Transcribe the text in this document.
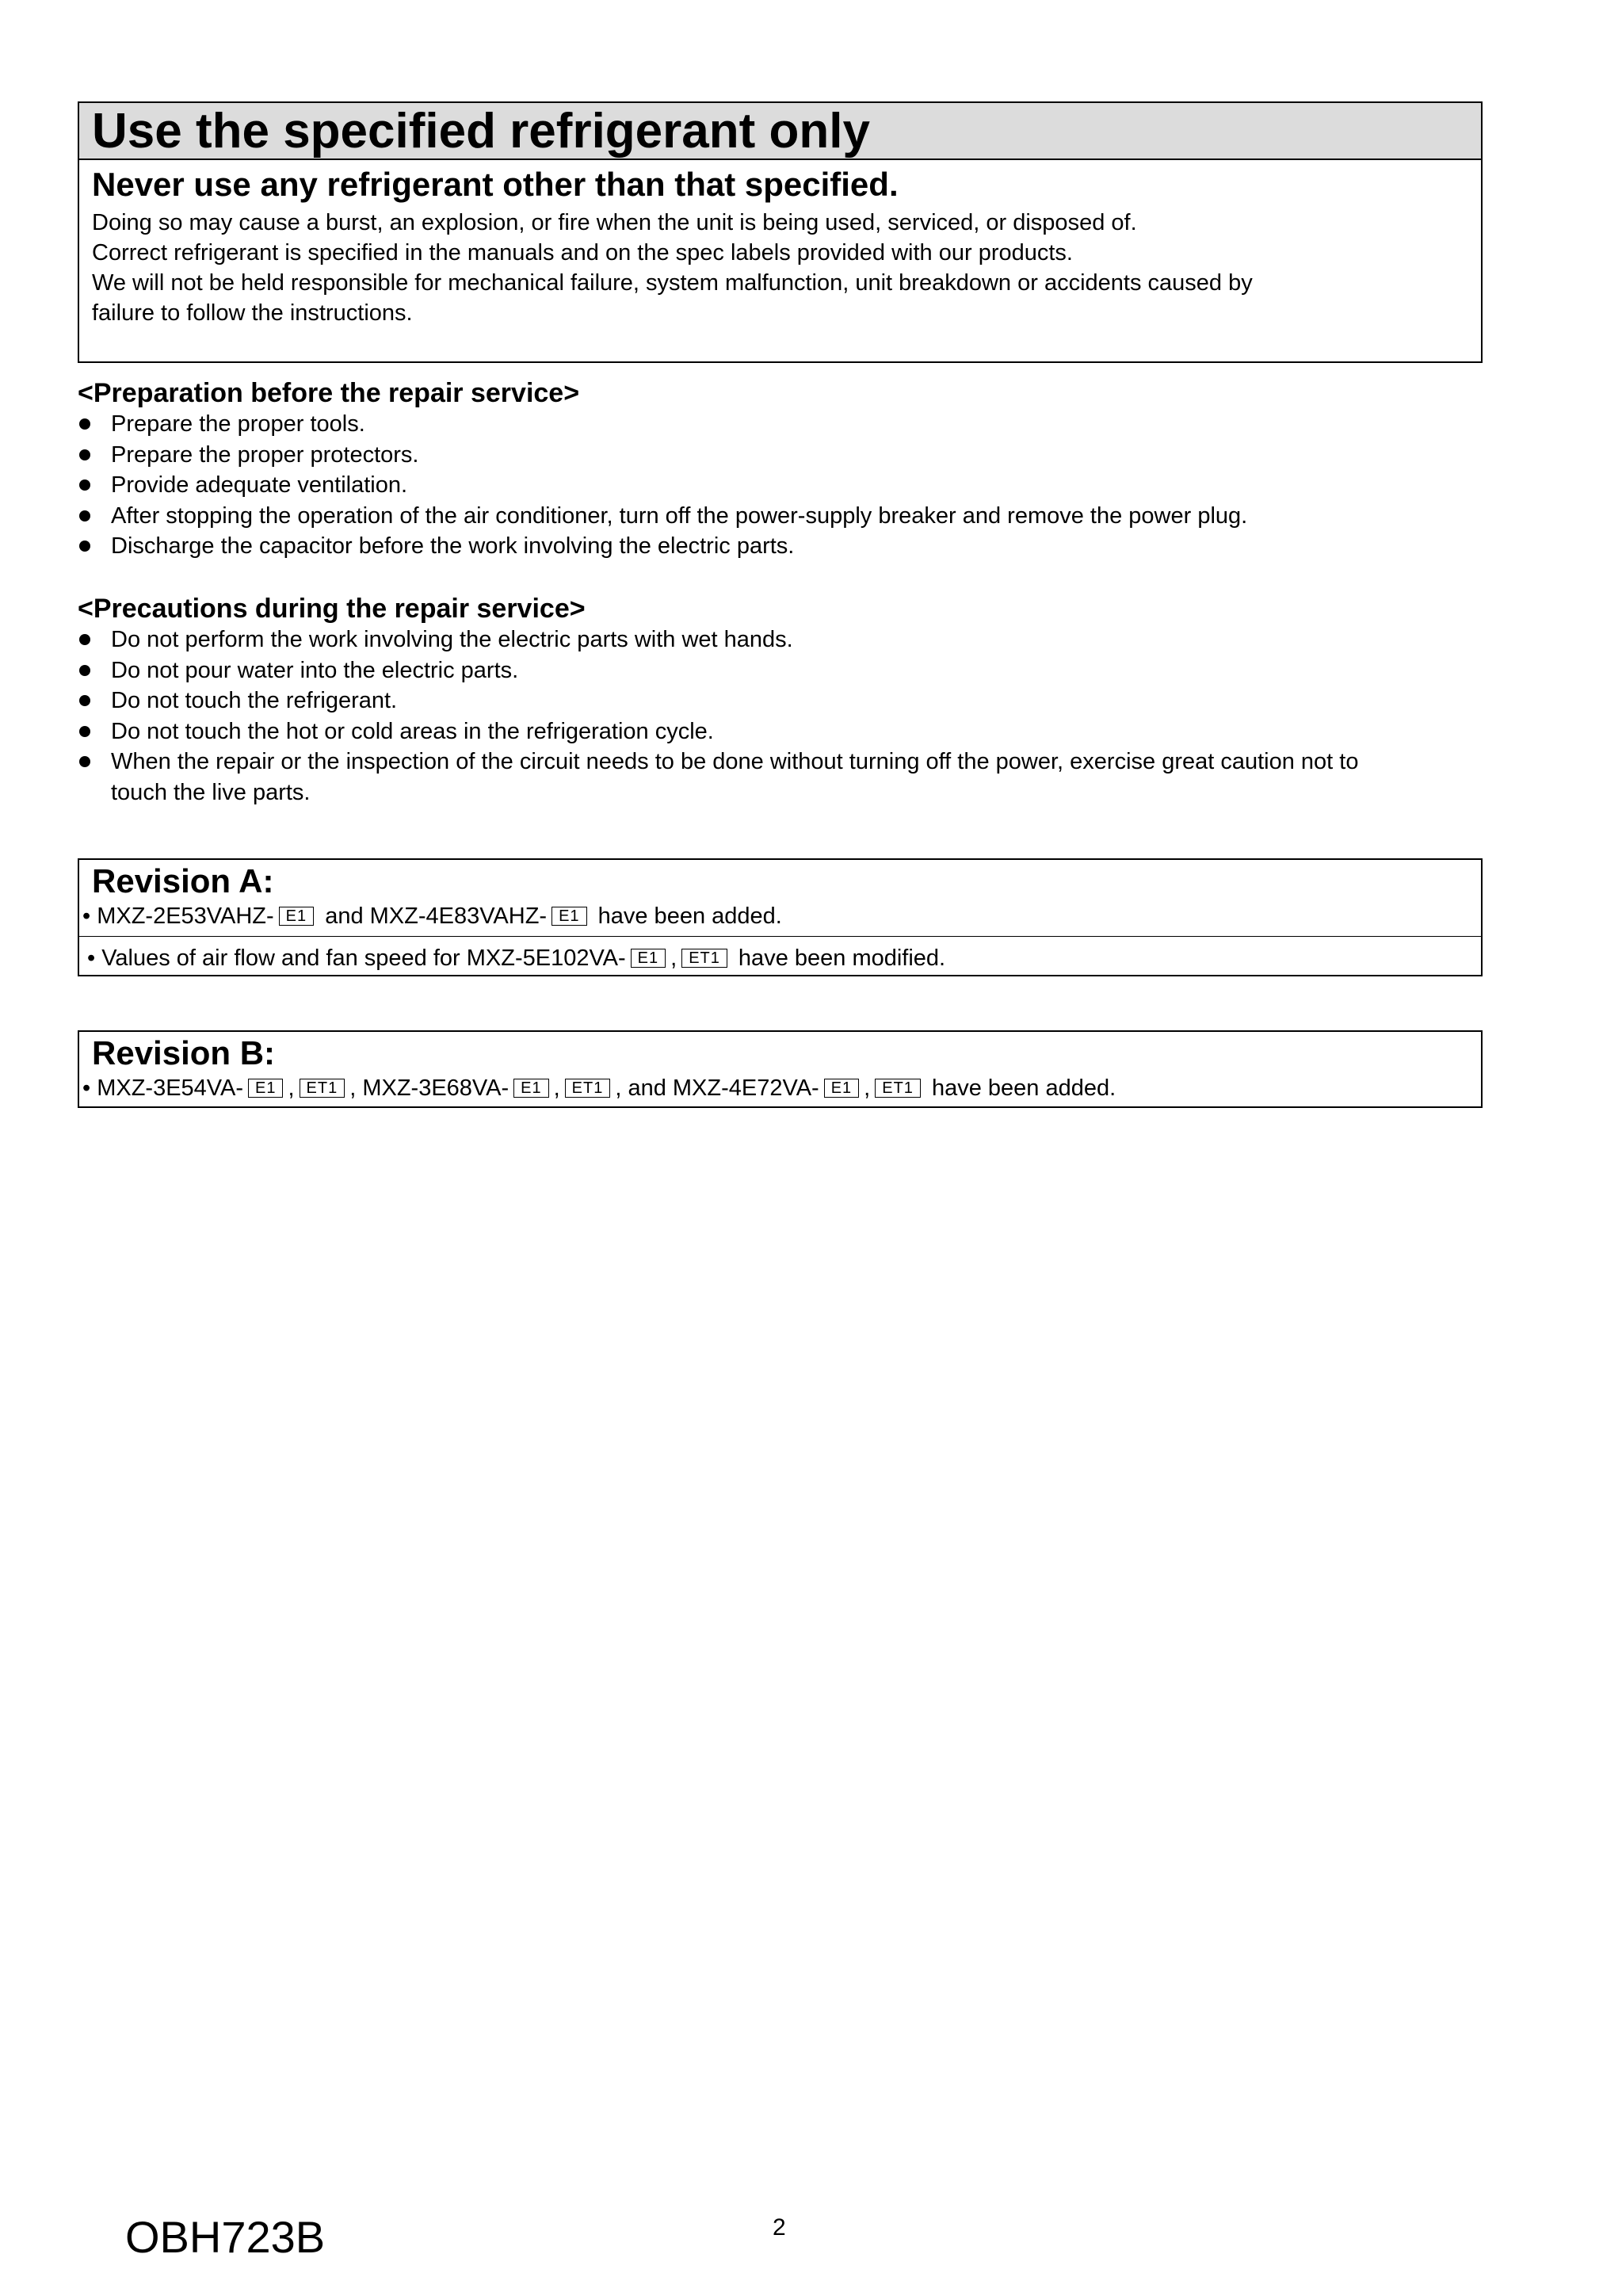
Use the specified refrigerant only
Never use any refrigerant other than that specified.

Doing so may cause a burst, an explosion, or fire when the unit is being used, serviced, or disposed of.

Correct refrigerant is specified in the manuals and on the spec labels provided with our products.

We will not be held responsible for mechanical failure, system malfunction, unit breakdown or accidents caused by

failure to follow the instructions.

<Preparation before the repair service>
Prepare the proper tools.
Prepare the proper protectors.
Provide adequate ventilation.
After stopping the operation of the air conditioner, turn off the power-supply breaker and remove the power plug.
Discharge the capacitor before the work involving the electric parts.
<Precautions during the repair service>
Do not perform the work involving the electric parts with wet hands.
Do not pour water into the electric parts.
Do not touch the refrigerant.
Do not touch the hot or cold areas in the refrigeration cycle.
When the repair or the inspection of the circuit needs to be done without turning off the power, exercise great caution not to
touch the live parts.
Revision A:
• MXZ-2E53VAHZ- E1 and MXZ-4E83VAHZ- E1 have been added.
• Values of air flow and fan speed for MXZ-5E102VA- E1 , ET1 have been modified.
Revision B:
• MXZ-3E54VA- E1 , ET1 , MXZ-3E68VA- E1 , ET1 , and MXZ-4E72VA- E1 , ET1 have been added.
OBH723B	2
